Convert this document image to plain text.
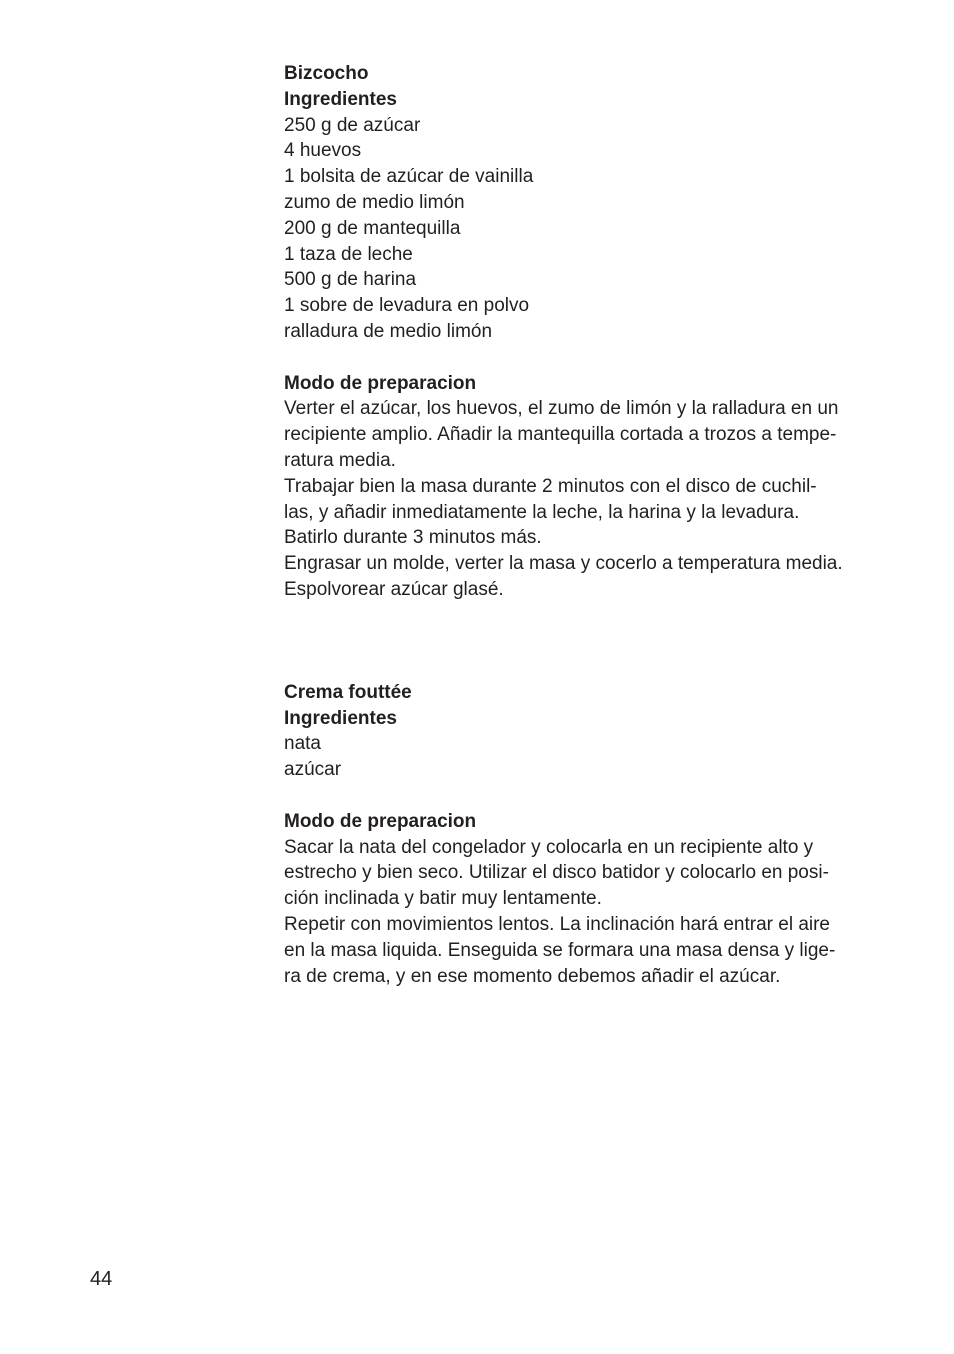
Bizcocho
Ingredientes
250 g de azúcar
4 huevos
1 bolsita de azúcar de vainilla
zumo de medio limón
200 g de mantequilla
1 taza de leche
500 g de harina
1 sobre de levadura en polvo
ralladura de medio limón
Modo de preparacion
Verter el azúcar, los huevos, el zumo de limón y la ralladura en un
recipiente amplio. Añadir la mantequilla cortada a trozos a tempe-
ratura media.
Trabajar bien la masa durante 2 minutos con el disco de cuchil-
las, y añadir inmediatamente la leche, la harina y la levadura.
Batirlo durante 3 minutos más.
Engrasar un molde, verter la masa y cocerlo a temperatura media.
Espolvorear azúcar glasé.
Crema fouttée
Ingredientes
nata
azúcar
Modo de preparacion
Sacar la nata del congelador y colocarla en un recipiente alto y
estrecho y bien seco. Utilizar el disco batidor y colocarlo en posi-
ción inclinada y batir muy lentamente.
Repetir con movimientos lentos. La inclinación hará entrar el aire
en la masa liquida. Enseguida se formara una masa densa y lige-
ra de crema, y en ese momento debemos añadir el azúcar.
44
